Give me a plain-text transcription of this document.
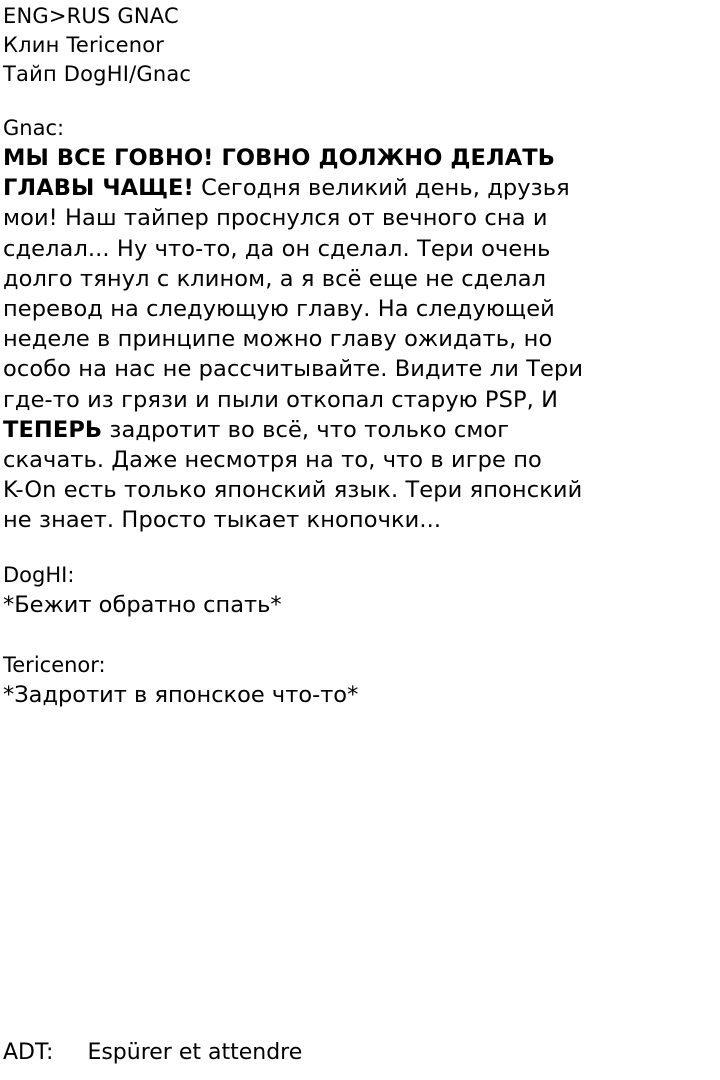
ENG>RUS GNAC
Клин Tericenor
Тайп DogHI/Gnac
Gnac:
МЫ ВСЕ ГОВНО! ГОВНО ДОЛЖНО ДЕЛАТЬ
ГЛАВЫ ЧАЩЕ! Сегодня великий день, друзья
мои! Наш тайпер проснулся от вечного сна и
сделал... Ну что-то, да он сделал. Тери очень
долго тянул с клином, а я всё еще не сделал
перевод на следующую главу. На следующей
неделе в принципе можно главу ожидать, но
особо на нас не рассчитывайте. Видите ли Тери
где-то из грязи и пыли откопал старую PSP, И
ТЕПЕРЬ задротит во всё, что только смог
скачать. Даже несмотря на то, что в игре по
K-On есть только японский язык. Тери японский
не знает. Просто тыкает кнопочки...
DogHI:
*Бежит обратно спать*
Tericenor:
*Задротит в японское что-то*
ADT: Espürer et attendre
